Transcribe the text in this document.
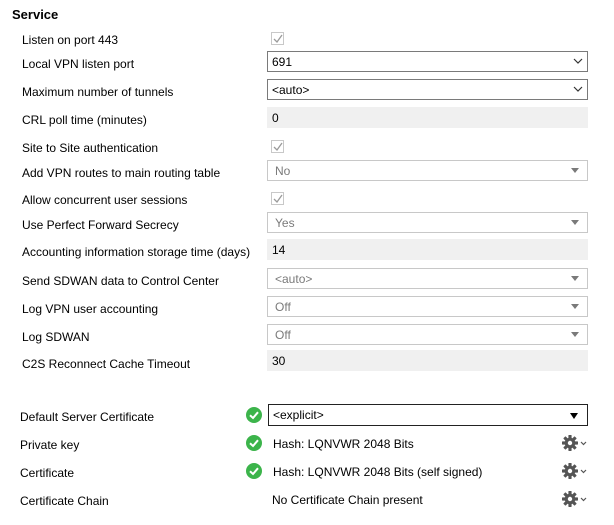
Service
Listen on port 443
Local VPN listen port	691
Maximum number of tunnels	<auto>
CRL poll time (minutes)	0
Site to Site authentication
Add VPN routes to main routing table	No
Allow concurrent user sessions
Use Perfect Forward Secrecy	Yes
Accounting information storage time (days) 14
Send SDWAN data to Control Center	<auto>
Log VPN user accounting	Off
Log SDWAN	Off
C2S Reconnect Cache Timeout	30
Default Server Certificate	<explicit>
Private key	Hash: LQNVWR 2048 Bits
Certificate	Hash: LQNVWR 2048 Bits (self signed)
Certificate Chain	No Certificate Chain present
